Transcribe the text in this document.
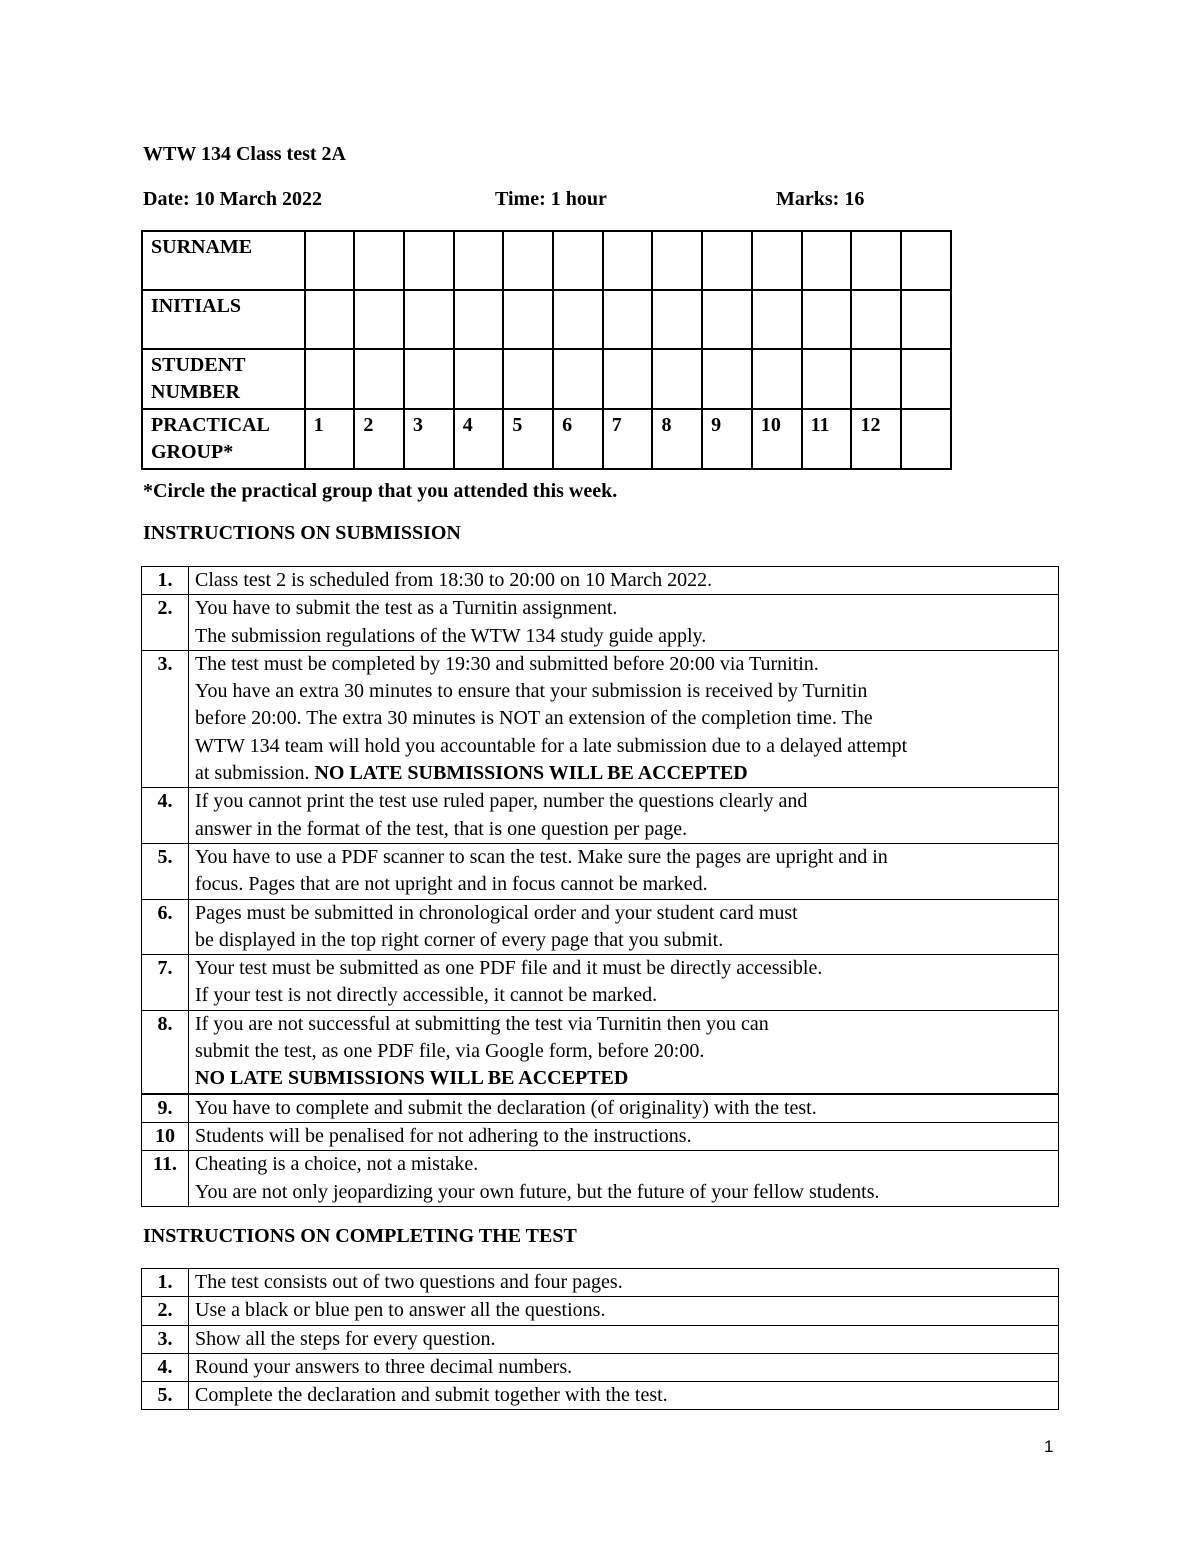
WTW 134 Class test 2A
Date: 10 March 2022	Time: 1 hour	Marks: 16
SURNAME													
INITIALS													
STUDENT NUMBER													
PRACTICAL GROUP*	1	2	3	4	5	6	7	8	9	10	11	12	
*Circle the practical group that you attended this week.
INSTRUCTIONS ON SUBMISSION
1.	Class test 2 is scheduled from 18:30 to 20:00 on 10 March 2022.

2.	You have to submit the test as a Turnitin assignment.
The submission regulations of the WTW 134 study guide apply.

3.	The test must be completed by 19:30 and submitted before 20:00 via Turnitin.
You have an extra 30 minutes to ensure that your submission is received by Turnitin
before 20:00. The extra 30 minutes is NOT an extension of the completion time. The
WTW 134 team will hold you accountable for a late submission due to a delayed attempt
at submission. NO LATE SUBMISSIONS WILL BE ACCEPTED

4.	If you cannot print the test use ruled paper, number the questions clearly and
answer in the format of the test, that is one question per page.

5.	You have to use a PDF scanner to scan the test. Make sure the pages are upright and in
focus. Pages that are not upright and in focus cannot be marked.

6.	Pages must be submitted in chronological order and your student card must
be displayed in the top right corner of every page that you submit.

7.	Your test must be submitted as one PDF file and it must be directly accessible.
If your test is not directly accessible, it cannot be marked.

8.	If you are not successful at submitting the test via Turnitin then you can
submit the test, as one PDF file, via Google form, before 20:00.
NO LATE SUBMISSIONS WILL BE ACCEPTED

9.	You have to complete and submit the declaration (of originality) with the test.

10	Students will be penalised for not adhering to the instructions.

11.	Cheating is a choice, not a mistake.
You are not only jeopardizing your own future, but the future of your fellow students.
INSTRUCTIONS ON COMPLETING THE TEST
1.	The test consists out of two questions and four pages.
2.	Use a black or blue pen to answer all the questions.
3.	Show all the steps for every question.
4.	Round your answers to three decimal numbers.
5.	Complete the declaration and submit together with the test.
1
